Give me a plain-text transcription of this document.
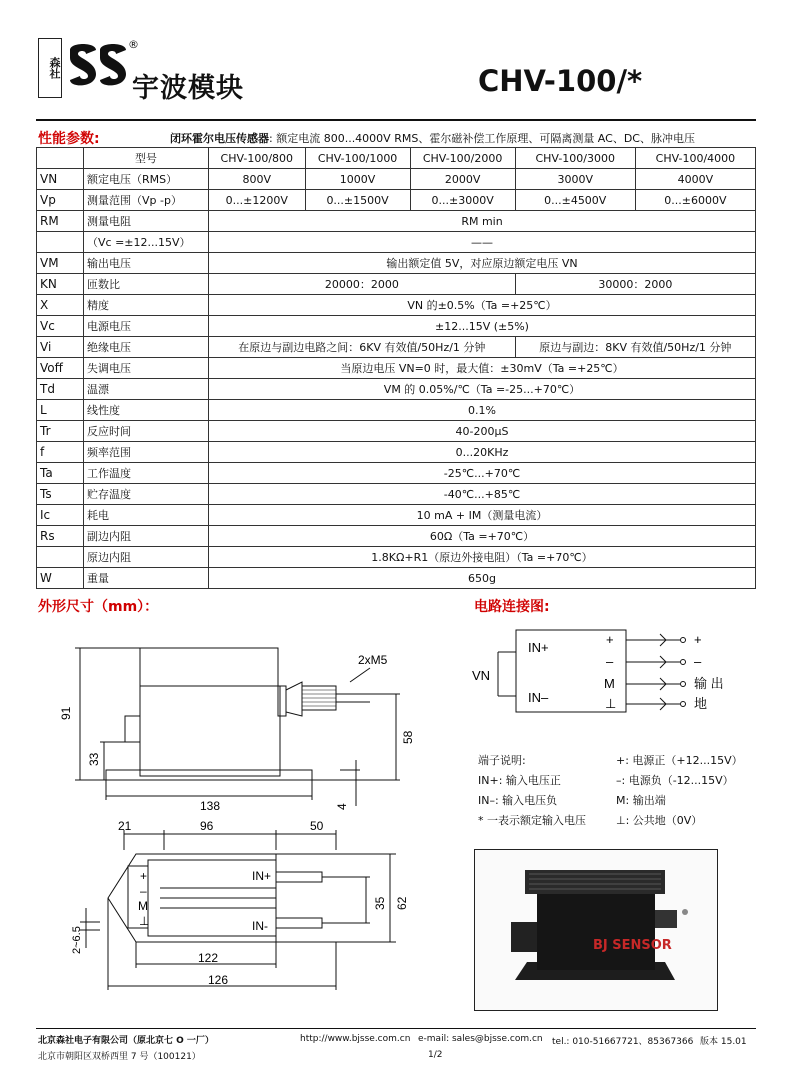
森社
®
宇波模块	CHV-100/*
性能参数:	闭环霍尔电压传感器: 额定电流 800...4000V RMS、霍尔磁补偿工作原理、可隔离测量 AC、DC、脉冲电压
	型号	CHV-100/800	CHV-100/1000	CHV-100/2000	CHV-100/3000	CHV-100/4000
VN	额定电压（RMS）	800V	1000V	2000V	3000V	4000V
Vp	测量范围（Vp -p）	0...±1200V	0...±1500V	0...±3000V	0...±4500V	0...±6000V
RM	测量电阻	RM min				
	（Vc =±12...15V）	——				
VM	输出电压	输出额定值 5V，对应原边额定电压 VN				
KN	匝数比	20000：2000			30000：2000	
X	精度	VN 的±0.5%（Ta =+25℃）				
Vc	电源电压	±12...15V (±5%)				
Vi	绝缘电压	在原边与副边电路之间：6KV 有效值/50Hz/1 分钟			原边与副边：8KV 有效值/50Hz/1 分钟	
Voff	失调电压	当原边电压 VN=0 时，最大值：±30mV（Ta =+25℃）				
Td	温漂	VM 的 0.05%/℃（Ta =-25...+70℃）				
L	线性度	0.1%				
Tr	反应时间	40-200μS				
f	频率范围	0...20KHz				
Ta	工作温度	-25℃...+70℃				
Ts	贮存温度	-40℃...+85℃				
Ic	耗电	10 mA + IM（测量电流）				
Rs	副边内阻	60Ω（Ta =+70℃）				
	原边内阻	1.8KΩ+R1（原边外接电阻）（Ta =+70℃）				
W	重量	650g				
外形尺寸（mm）：	电路连接图:
2xM5
91
33
58
138	4
21	96	50
+
–
M
⊥
IN+
IN-
35 62
2~6.5
122
126
IN+
IN–
VN
+
–
M
⊥
+
–
输 出
地
端子说明:
IN+: 输入电压正
IN–: 输入电压负
* 一表示额定输入电压
+: 电源正（+12...15V）
–: 电源负（-12...15V）
M: 输出端
⊥: 公共地（0V）
BJ SENSOR
北京森社电子有限公司（原北京七 O 一厂）
北京市朝阳区双桥西里 7 号（100121）
http://www.bjsse.com.cn e-mail: sales@bjsse.com.cn tel.: 010-51667721、85367366 版本 15.01
1/2
